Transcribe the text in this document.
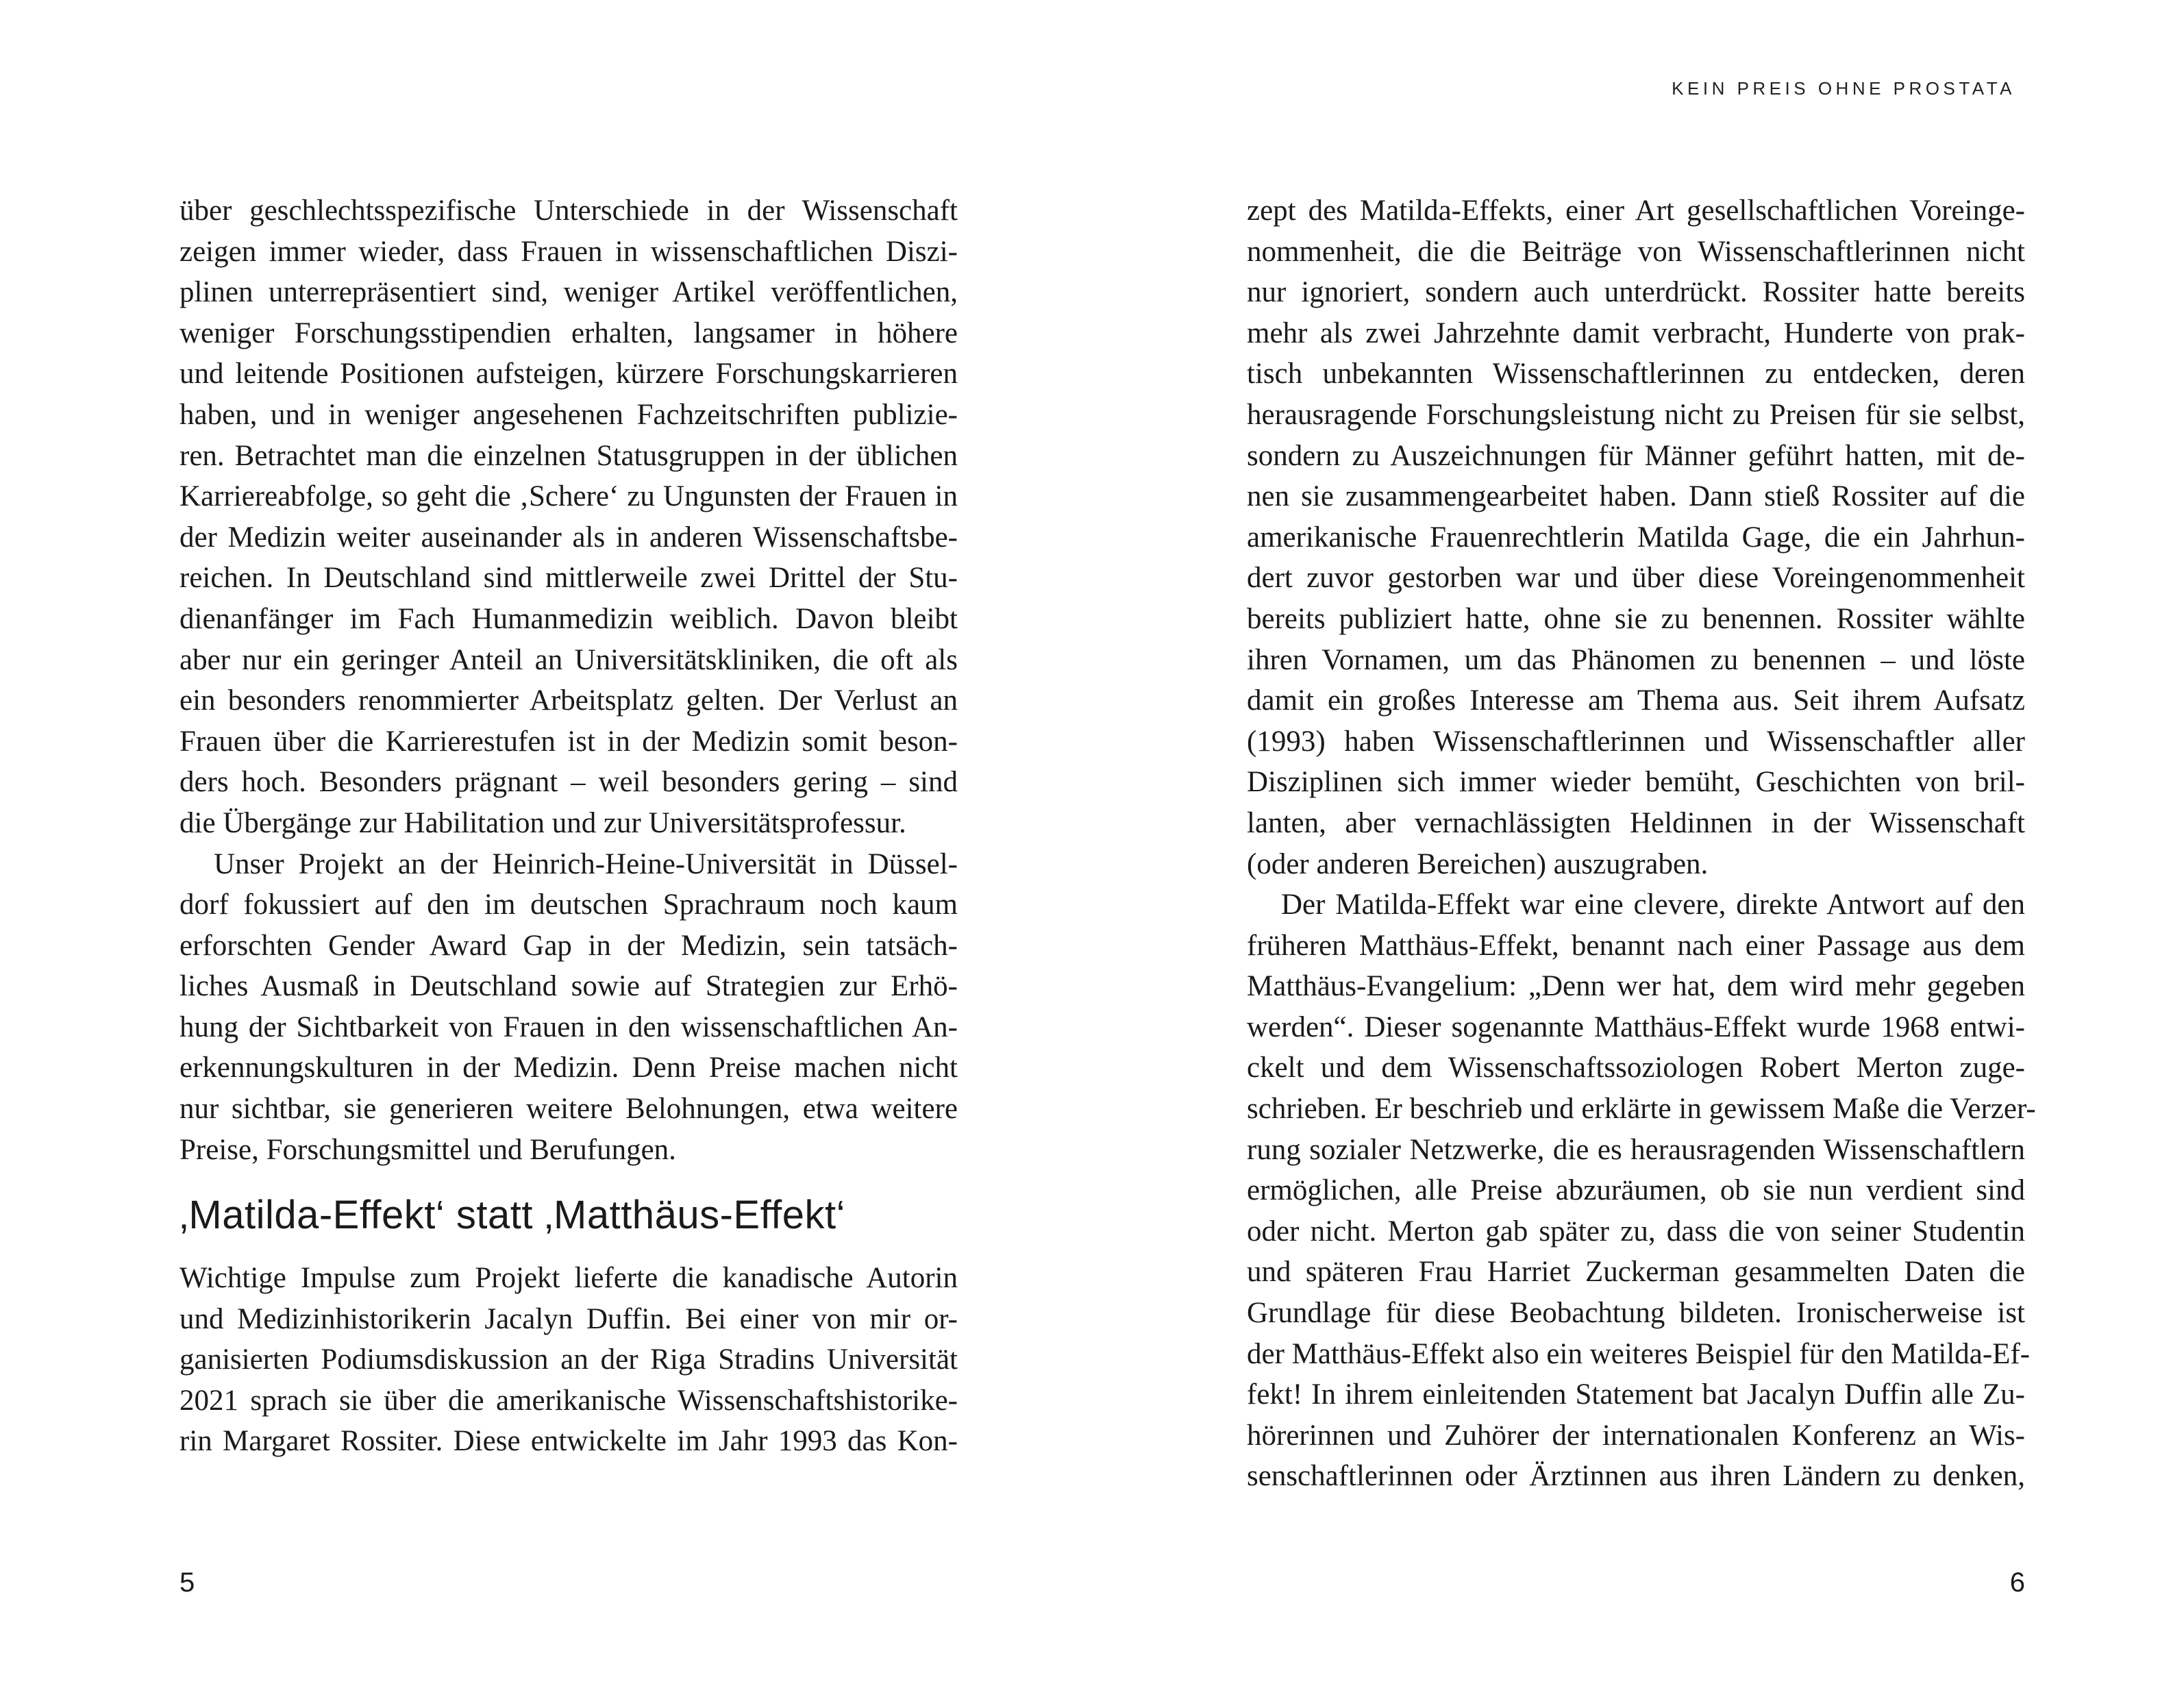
über geschlechtsspezifische Unterschiede in der Wissenschaft
zeigen immer wieder, dass Frauen in wissenschaftlichen Diszi-
plinen unterrepräsentiert sind, weniger Artikel veröffentlichen,
weniger Forschungsstipendien erhalten, langsamer in höhere
und leitende Positionen aufsteigen, kürzere Forschungskarrieren
haben, und in weniger angesehenen Fachzeitschriften publizie-
ren. Betrachtet man die einzelnen Statusgruppen in der üblichen
Karriereabfolge, so geht die ‚Schere‘ zu Ungunsten der Frauen in
der Medizin weiter auseinander als in anderen Wissenschaftsbe-
reichen. In Deutschland sind mittlerweile zwei Drittel der Stu-
dienanfänger im Fach Humanmedizin weiblich. Davon bleibt
aber nur ein geringer Anteil an Universitätskliniken, die oft als
ein besonders renommierter Arbeitsplatz gelten. Der Verlust an
Frauen über die Karrierestufen ist in der Medizin somit beson-
ders hoch. Besonders prägnant – weil besonders gering – sind
die Übergänge zur Habilitation und zur Universitätsprofessur.
Unser Projekt an der Heinrich-Heine-Universität in Düssel-
dorf fokussiert auf den im deutschen Sprachraum noch kaum
erforschten Gender Award Gap in der Medizin, sein tatsäch-
liches Ausmaß in Deutschland sowie auf Strategien zur Erhö-
hung der Sichtbarkeit von Frauen in den wissenschaftlichen An-
erkennungskulturen in der Medizin. Denn Preise machen nicht
nur sichtbar, sie generieren weitere Belohnungen, etwa weitere
Preise, Forschungsmittel und Berufungen.
‚Matilda-Effekt‘ statt ‚Matthäus-Effekt‘
Wichtige Impulse zum Projekt lieferte die kanadische Autorin
und Medizinhistorikerin Jacalyn Duffin. Bei einer von mir or-
ganisierten Podiumsdiskussion an der Riga Stradins Universität
2021 sprach sie über die amerikanische Wissenschaftshistorike-
rin Margaret Rossiter. Diese entwickelte im Jahr 1993 das Kon-
5
KEIN PREIS OHNE PROSTATA
zept des Matilda-Effekts, einer Art gesellschaftlichen Voreinge-
nommenheit, die die Beiträge von Wissenschaftlerinnen nicht
nur ignoriert, sondern auch unterdrückt. Rossiter hatte bereits
mehr als zwei Jahrzehnte damit verbracht, Hunderte von prak-
tisch unbekannten Wissenschaftlerinnen zu entdecken, deren
herausragende Forschungsleistung nicht zu Preisen für sie selbst,
sondern zu Auszeichnungen für Männer geführt hatten, mit de-
nen sie zusammengearbeitet haben. Dann stieß Rossiter auf die
amerikanische Frauenrechtlerin Matilda Gage, die ein Jahrhun-
dert zuvor gestorben war und über diese Voreingenommenheit
bereits publiziert hatte, ohne sie zu benennen. Rossiter wählte
ihren Vornamen, um das Phänomen zu benennen – und löste
damit ein großes Interesse am Thema aus. Seit ihrem Aufsatz
(1993) haben Wissenschaftlerinnen und Wissenschaftler aller
Disziplinen sich immer wieder bemüht, Geschichten von bril-
lanten, aber vernachlässigten Heldinnen in der Wissenschaft
(oder anderen Bereichen) auszugraben.
Der Matilda-Effekt war eine clevere, direkte Antwort auf den
früheren Matthäus-Effekt, benannt nach einer Passage aus dem
Matthäus-Evangelium: „Denn wer hat, dem wird mehr gegeben
werden“. Dieser sogenannte Matthäus-Effekt wurde 1968 entwi-
ckelt und dem Wissenschaftssoziologen Robert Merton zuge-
schrieben. Er beschrieb und erklärte in gewissem Maße die Verzer-
rung sozialer Netzwerke, die es herausragenden Wissenschaftlern
ermöglichen, alle Preise abzuräumen, ob sie nun verdient sind
oder nicht. Merton gab später zu, dass die von seiner Studentin
und späteren Frau Harriet Zuckerman gesammelten Daten die
Grundlage für diese Beobachtung bildeten. Ironischerweise ist
der Matthäus-Effekt also ein weiteres Beispiel für den Matilda-Ef-
fekt! In ihrem einleitenden Statement bat Jacalyn Duffin alle Zu-
hörerinnen und Zuhörer der internationalen Konferenz an Wis-
senschaftlerinnen oder Ärztinnen aus ihren Ländern zu denken,
6
